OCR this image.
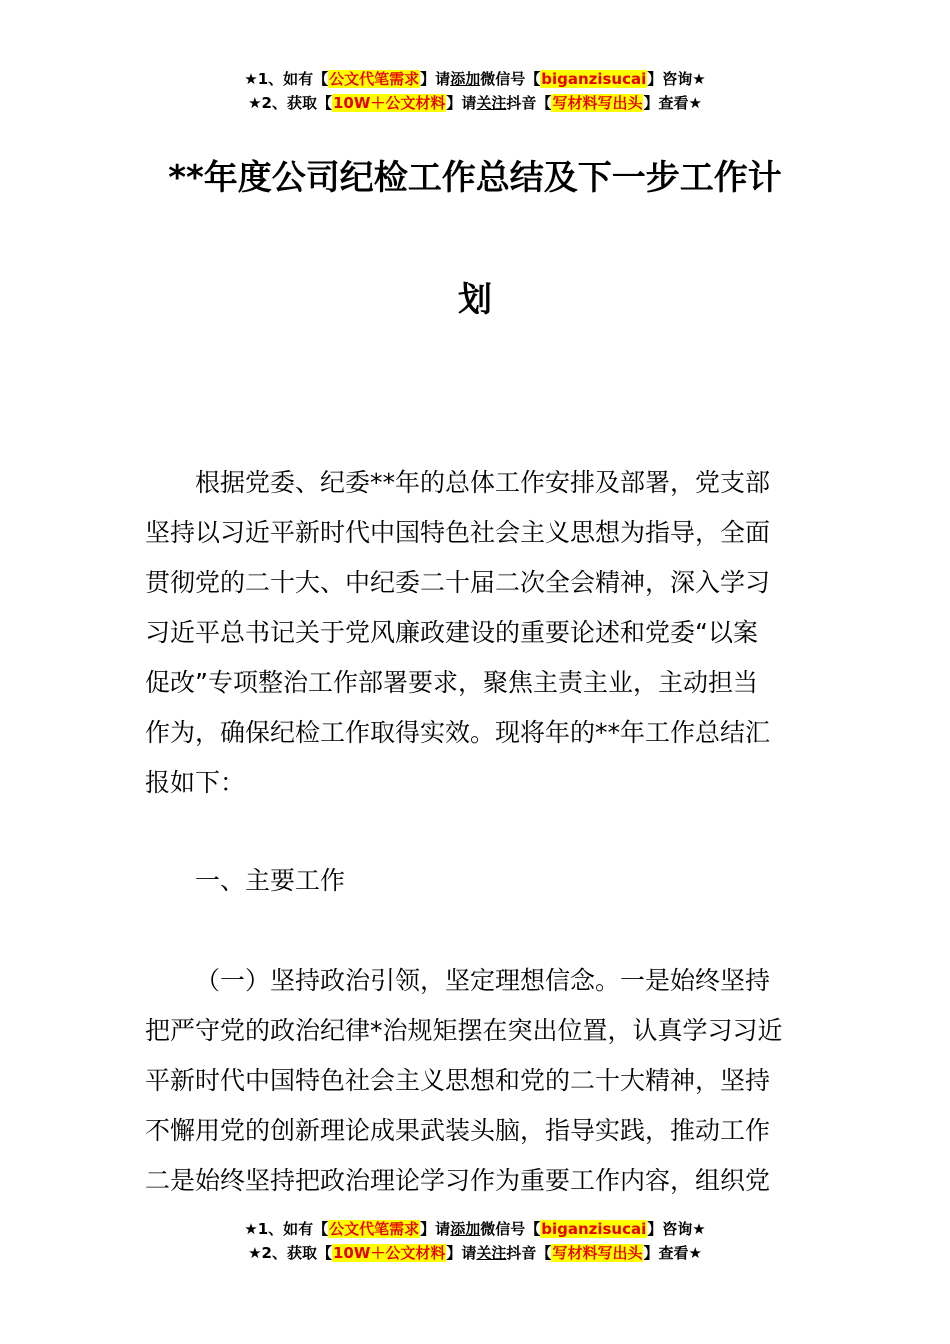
★1、如有【公文代笔需求】请添加微信号【biganzisucai】咨询★
★2、获取【10W＋公文材料】请关注抖音【写材料写出头】查看★
**年度公司纪检工作总结及下一步工作计
划
根据党委、纪委**年的总体工作安排及部署，党支部
坚持以习近平新时代中国特色社会主义思想为指导，全面
贯彻党的二十大、中纪委二十届二次全会精神，深入学习
习近平总书记关于党风廉政建设的重要论述和党委“以案
促改”专项整治工作部署要求，聚焦主责主业，主动担当
作为，确保纪检工作取得实效。现将年的**年工作总结汇
报如下：
一、主要工作
（一）坚持政治引领，坚定理想信念。一是始终坚持
把严守党的政治纪律*治规矩摆在突出位置，认真学习习近
平新时代中国特色社会主义思想和党的二十大精神，坚持
不懈用党的创新理论成果武装头脑，指导实践，推动工作
二是始终坚持把政治理论学习作为重要工作内容，组织党
★1、如有【公文代笔需求】请添加微信号【biganzisucai】咨询★
★2、获取【10W＋公文材料】请关注抖音【写材料写出头】查看★
